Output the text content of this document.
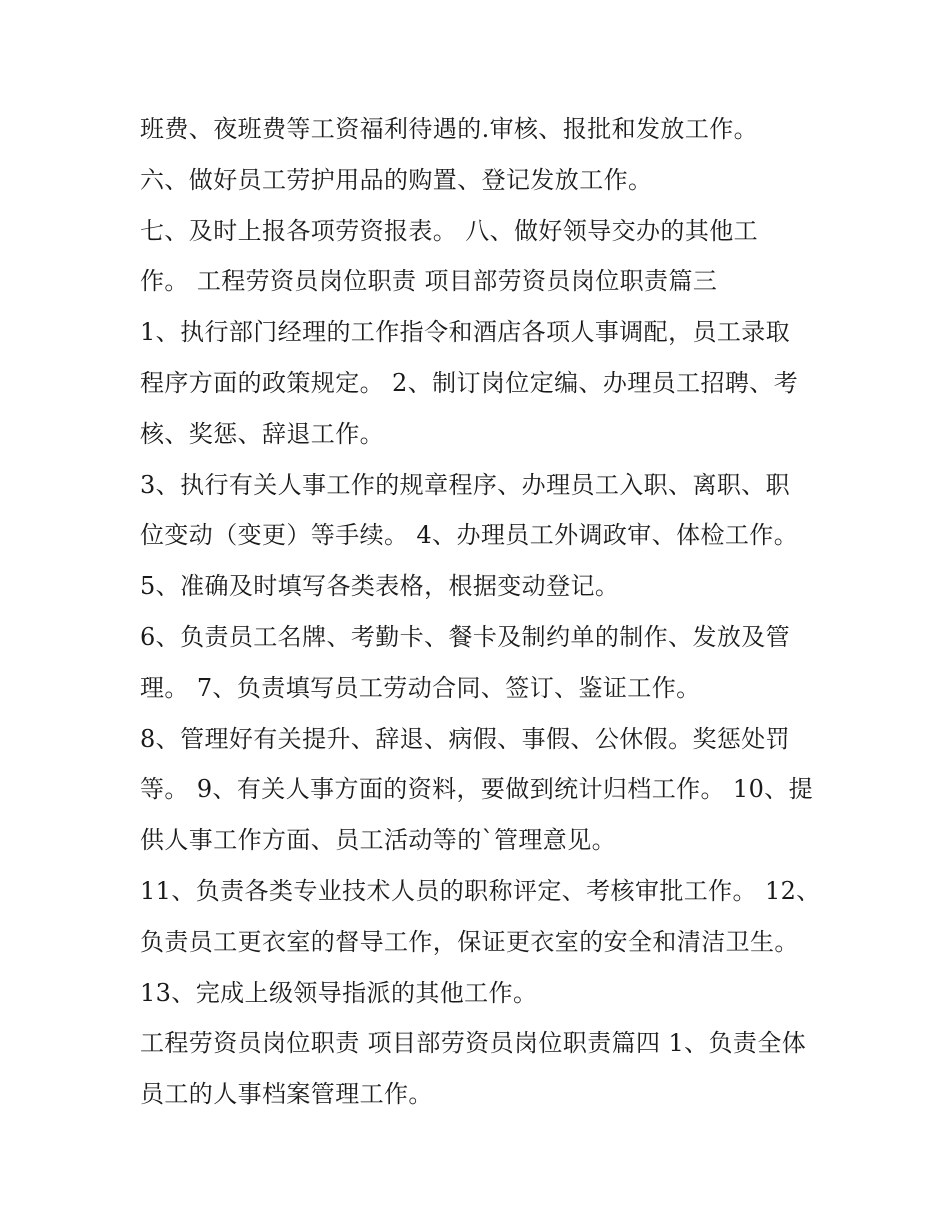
班费、夜班费等工资福利待遇的.审核、报批和发放工作。
六、做好员工劳护用品的购置、登记发放工作。
七、及时上报各项劳资报表。 八、做好领导交办的其他工
作。 工程劳资员岗位职责 项目部劳资员岗位职责篇三
1、执行部门经理的工作指令和酒店各项人事调配，员工录取
程序方面的政策规定。 2、制订岗位定编、办理员工招聘、考
核、奖惩、辞退工作。
3、执行有关人事工作的规章程序、办理员工入职、离职、职
位变动（变更）等手续。 4、办理员工外调政审、体检工作。
5、准确及时填写各类表格，根据变动登记。
6、负责员工名牌、考勤卡、餐卡及制约单的制作、发放及管
理。 7、负责填写员工劳动合同、签订、鉴证工作。
8、管理好有关提升、辞退、病假、事假、公休假。奖惩处罚
等。 9、有关人事方面的资料，要做到统计归档工作。 10、提
供人事工作方面、员工活动等的`管理意见。
11、负责各类专业技术人员的职称评定、考核审批工作。 12、
负责员工更衣室的督导工作，保证更衣室的安全和清洁卫生。
13、完成上级领导指派的其他工作。
工程劳资员岗位职责 项目部劳资员岗位职责篇四 1、负责全体
员工的人事档案管理工作。
